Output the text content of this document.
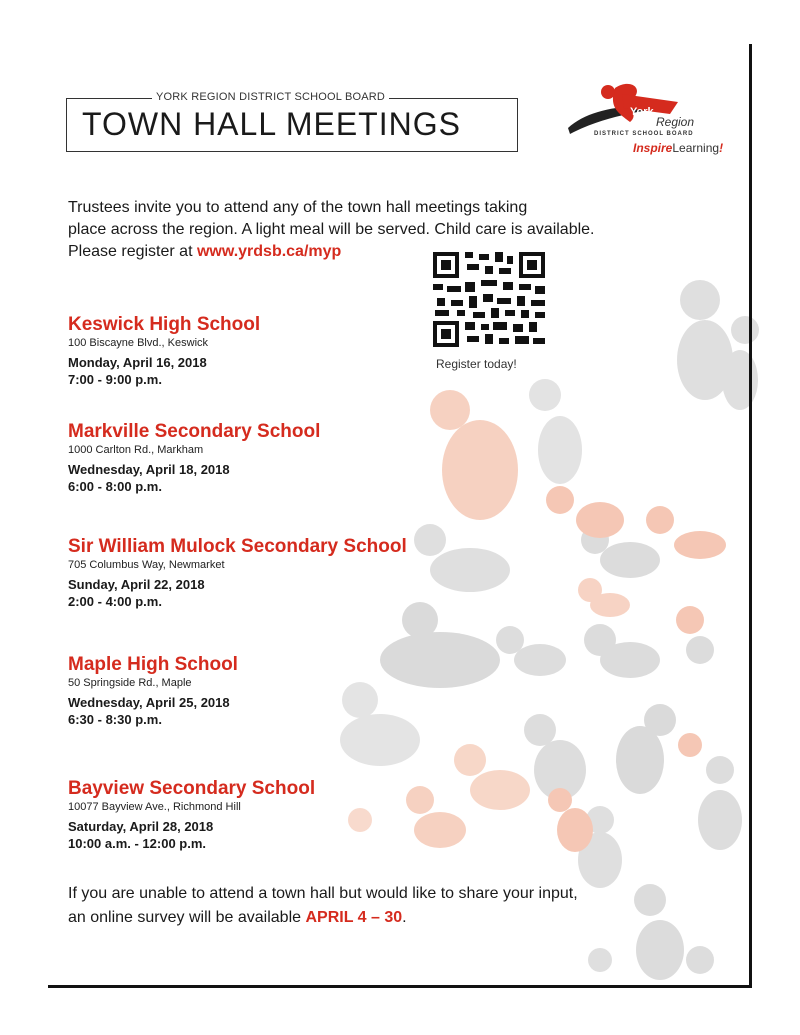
YORK REGION DISTRICT SCHOOL BOARD
TOWN HALL MEETINGS	York
Region
DISTRICT SCHOOL BOARD
InspireLearning!
Trustees invite you to attend any of the town hall meetings taking
place across the region. A light meal will be served. Child care is available.
Please register at www.yrdsb.ca/myp
Register today!
Keswick High School
100 Biscayne Blvd., Keswick
Monday, April 16, 2018
7:00 - 9:00 p.m.
Markville Secondary School
1000 Carlton Rd., Markham
Wednesday, April 18, 2018
6:00 - 8:00 p.m.
Sir William Mulock Secondary School
705 Columbus Way, Newmarket
Sunday, April 22, 2018
2:00 - 4:00 p.m.
Maple High School
50 Springside Rd., Maple
Wednesday, April 25, 2018
6:30 - 8:30 p.m.
Bayview Secondary School
10077 Bayview Ave., Richmond Hill
Saturday, April 28, 2018
10:00 a.m. - 12:00 p.m.
If you are unable to attend a town hall but would like to share your input,
an online survey will be available APRIL 4 – 30.
